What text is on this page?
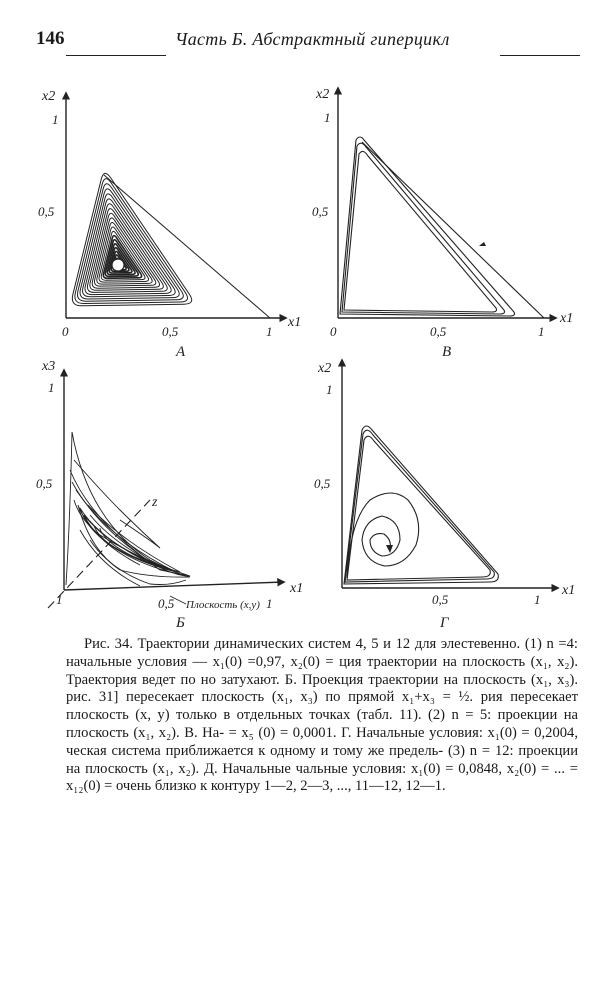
146	Часть Б. Абстрактный гиперцикл
x2
x1
1
0,5
0	0,5	1
А
x2
x1
1
0,5
0	0,5	1
В
x3
x1
z
1
0,5
1	0,5	1
Плоскость (x,y)
Б
x2
x1
1
0,5
0,5	1
Г

Рис. 34. Траектории динамических систем 4, 5 и 12 для элестевенно. (1) n =4: начальные условия — x₁(0) =0,97, x₂(0) = ция траектории на плоскость (x₁, x₂). Траектория ведет по но затухают. Б. Проекция траектории на плоскость (x₁, x₃). рис. 31] пересекает плоскость (x₁, x₃) по прямой x₁+x₃ = ½. рия пересекает плоскость (x, y) только в отдельных точках (табл. 11). (2) n = 5: проекции на плоскость (x₁, x₂). В. На- = x₅ (0) = 0,0001. Г. Начальные условия: x₁(0) = 0,2004, ческая система приближается к одному и тому же предель- (3) n = 12: проекции на плоскость (x₁, x₂). Д. Начальные чальные условия: x₁(0) = 0,0848, x₂(0) = ... = x₁₂(0) = очень близко к контуру 1—2, 2—3, ..., 11—12, 12—1.
